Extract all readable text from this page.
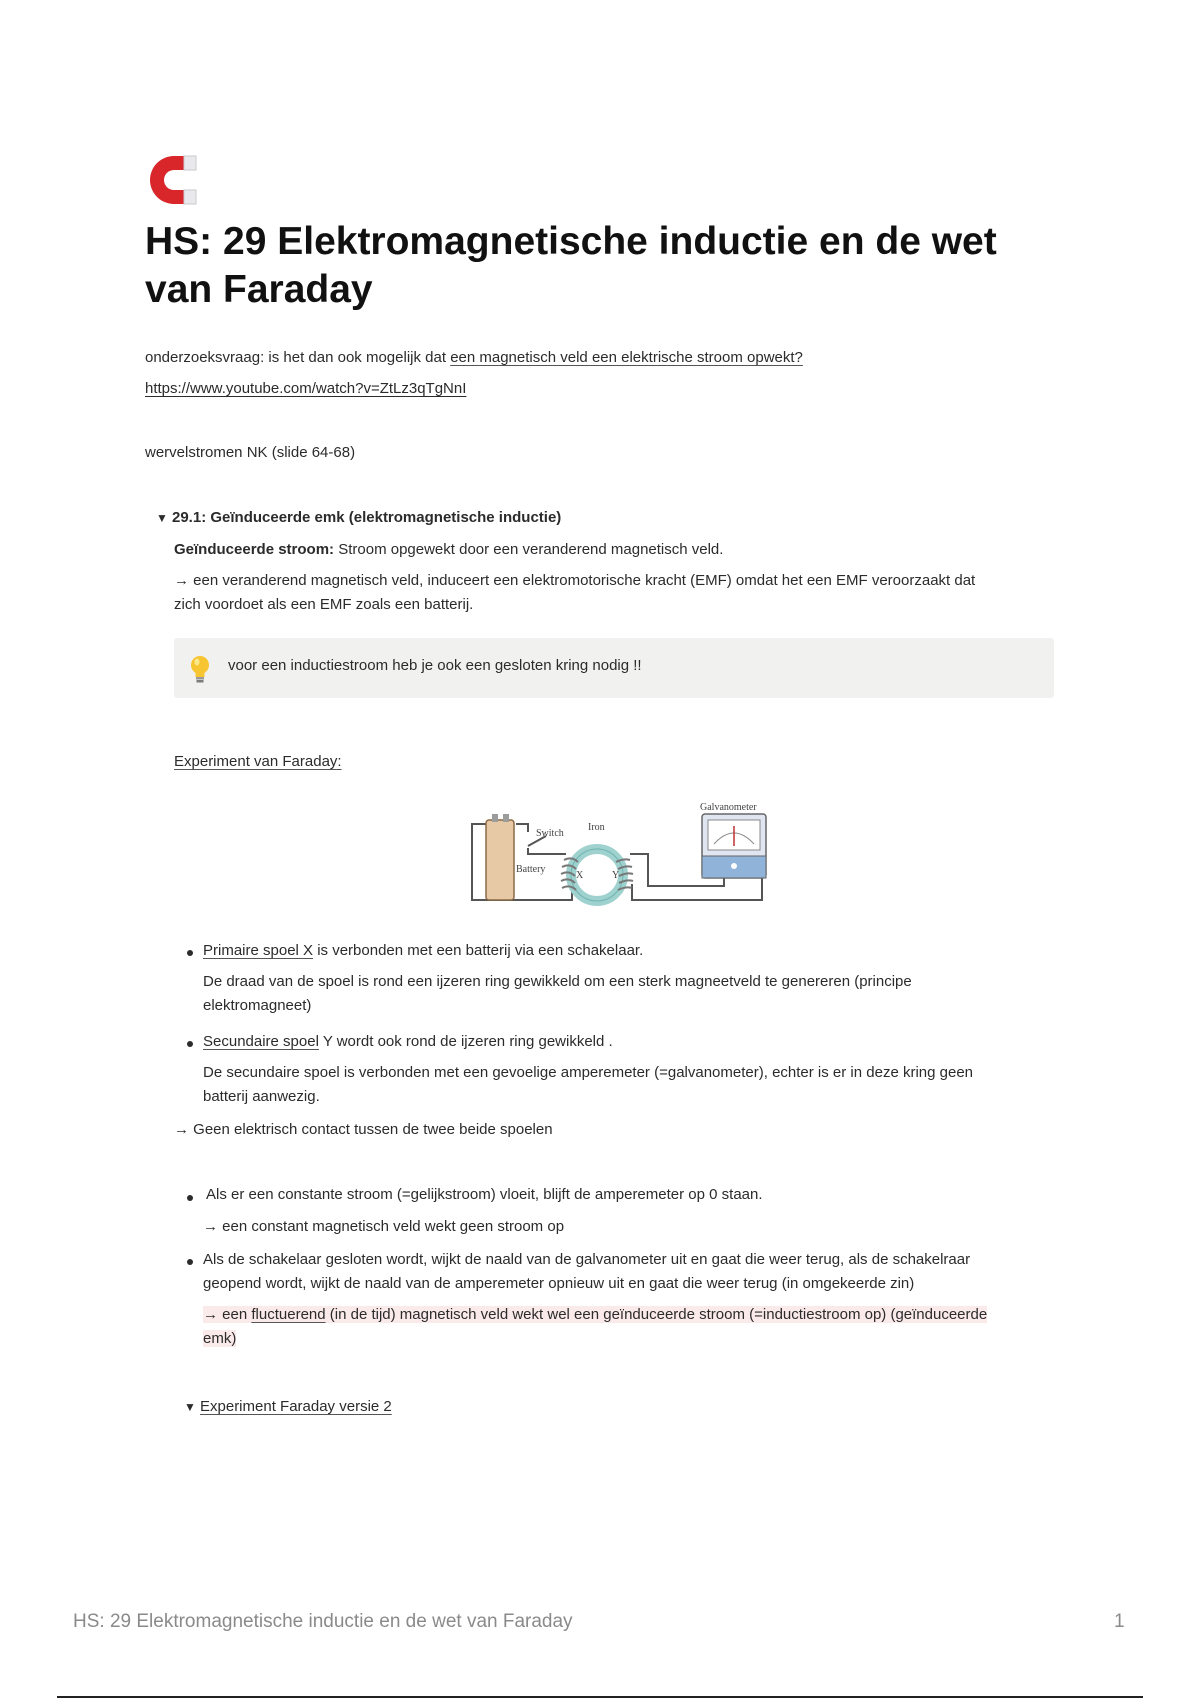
HS: 29 Elektromagnetische inductie en de wet van Faraday

onderzoeksvraag: is het dan ook mogelijk dat een magnetisch veld een elektrische stroom opwekt?

https://www.youtube.com/watch?v=ZtLz3qTgNnI

wervelstromen NK (slide 64-68)

▼ 29.1: Geïnduceerde emk (elektromagnetische inductie)

Geïnduceerde stroom: Stroom opgewekt door een veranderend magnetisch veld.

→ een veranderend magnetisch veld, induceert een elektromotorische kracht (EMF) omdat het een EMF veroorzaakt dat

zich voordoet als een EMF zoals een batterij.

voor een inductiestroom heb je ook een gesloten kring nodig !!

Experiment van Faraday:

Galvanometer
Switch
Iron
Battery
X	Y

Primaire spoel X is verbonden met een batterij via een schakelaar.

De draad van de spoel is rond een ijzeren ring gewikkeld om een sterk magneetveld te genereren (principe

elektromagneet)

Secundaire spoel Y wordt ook rond de ijzeren ring gewikkeld .

De secundaire spoel is verbonden met een gevoelige amperemeter (=galvanometer), echter is er in deze kring geen

batterij aanwezig.

→ Geen elektrisch contact tussen de twee beide spoelen

Als er een constante stroom (=gelijkstroom) vloeit, blijft de amperemeter op 0 staan.

→ een constant magnetisch veld wekt geen stroom op

Als de schakelaar gesloten wordt, wijkt de naald van de galvanometer uit en gaat die weer terug, als de schakelraar

geopend wordt, wijkt de naald van de amperemeter opnieuw uit en gaat die weer terug (in omgekeerde zin)

→ een fluctuerend (in de tijd) magnetisch veld wekt wel een geïnduceerde stroom (=inductiestroom op) (geïnduceerde

emk)

▼ Experiment Faraday versie 2
HS: 29 Elektromagnetische inductie en de wet van Faraday	1
